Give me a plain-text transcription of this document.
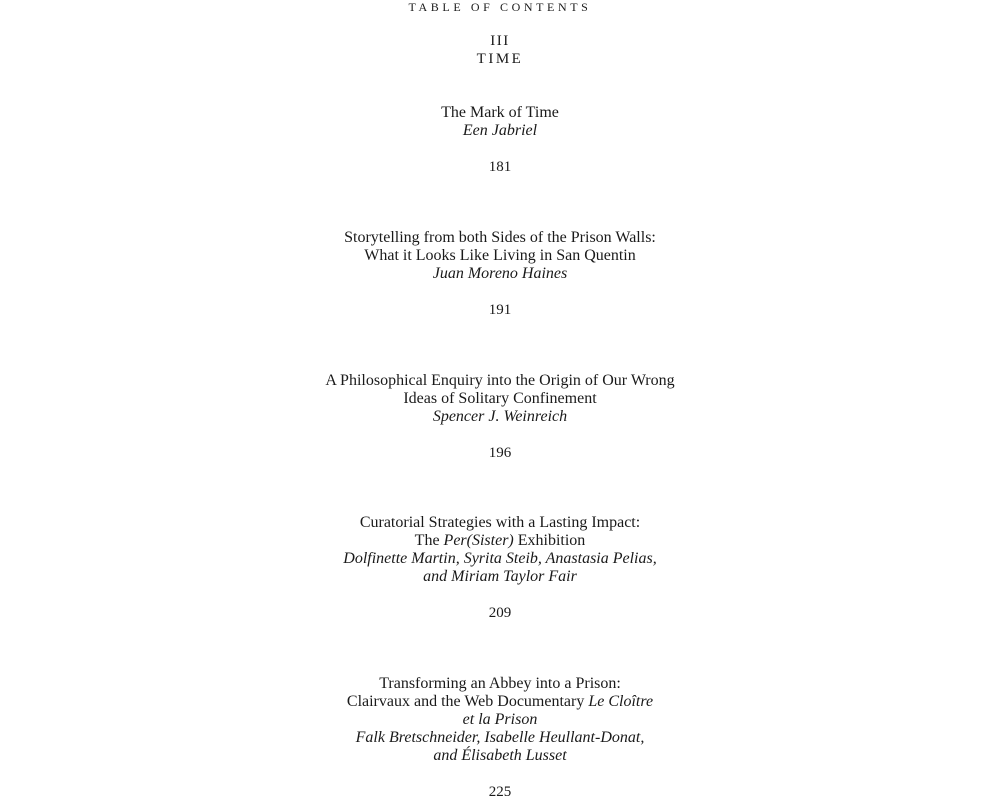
TABLE OF CONTENTS
III
TIME
The Mark of Time
Een Jabriel
181
Storytelling from both Sides of the Prison Walls:
What it Looks Like Living in San Quentin
Juan Moreno Haines
191
A Philosophical Enquiry into the Origin of Our Wrong
Ideas of Solitary Confinement
Spencer J. Weinreich
196
Curatorial Strategies with a Lasting Impact:
The Per(Sister) Exhibition
Dolfinette Martin, Syrita Steib, Anastasia Pelias,
and Miriam Taylor Fair
209
Transforming an Abbey into a Prison:
Clairvaux and the Web Documentary Le Cloître
et la Prison
Falk Bretschneider, Isabelle Heullant-Donat,
and Élisabeth Lusset
225
